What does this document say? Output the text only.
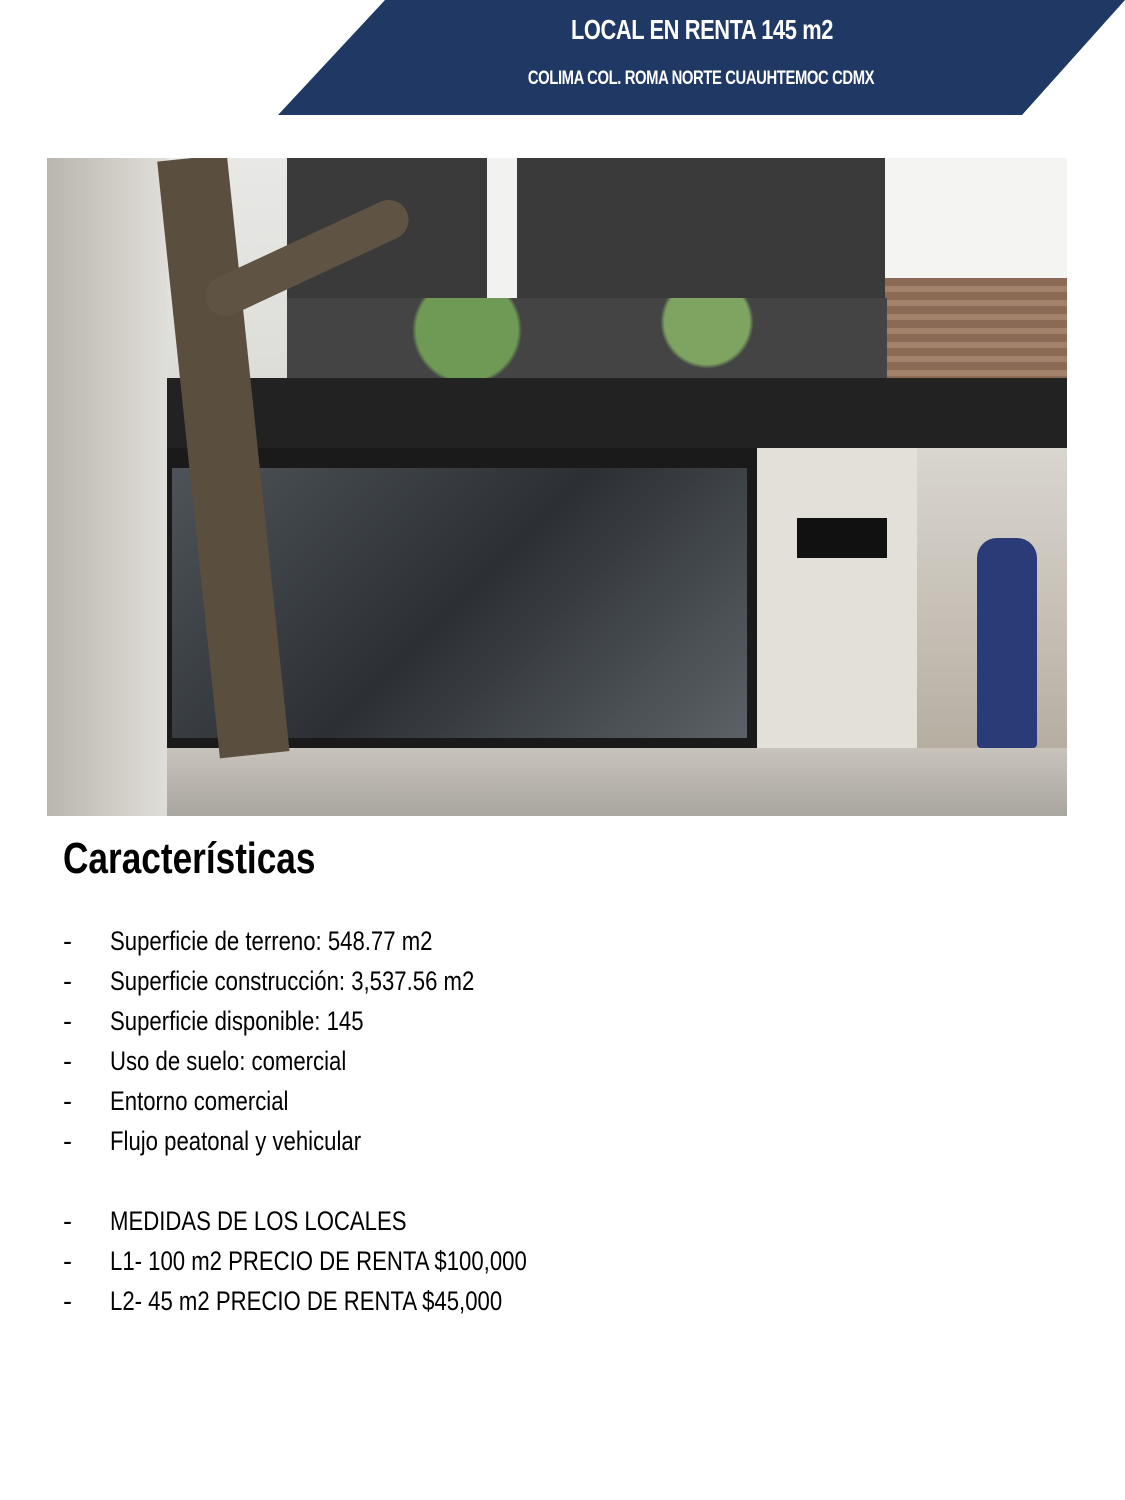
LOCAL EN RENTA 145 m2
COLIMA COL. ROMA NORTE CUAUHTEMOC CDMX
Características
- Superficie de terreno: 548.77 m2
- Superficie construcción: 3,537.56 m2
- Superficie disponible: 145
- Uso de suelo: comercial
- Entorno comercial
- Flujo peatonal y vehicular
- MEDIDAS DE LOS LOCALES
- L1- 100 m2 PRECIO DE RENTA $100,000
- L2- 45 m2 PRECIO DE RENTA $45,000
